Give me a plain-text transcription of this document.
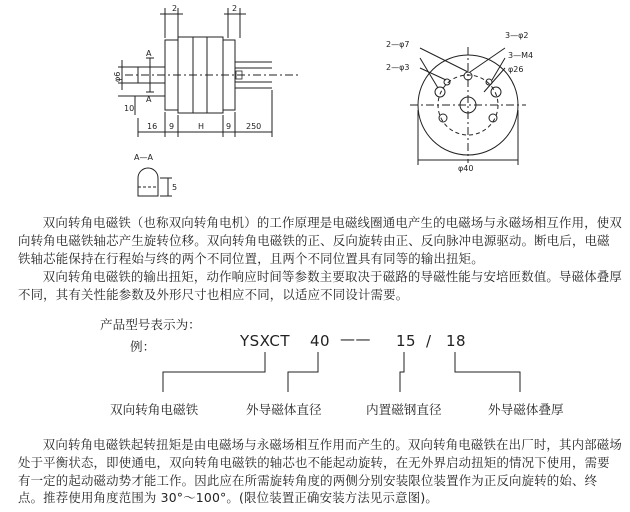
2	2
φ6
10
A
A
16 9	H	9 250
A—A
5
3—φ2
2—φ7
3—M4
2—φ3	φ26
φ40

双向转角电磁铁（也称双向转角电机）的工作原理是电磁线圈通电产生的电磁场与永磁场相互作用，使双向转角电磁铁轴芯产生旋转位移。双向转角电磁铁的正、反向旋转由正、反向脉冲电源驱动。断电后，电磁铁轴芯能保持在行程始与终的两个不同位置，且两个不同位置具有同等的输出扭矩。

双向转角电磁铁的输出扭矩，动作响应时间等参数主要取决于磁路的导磁性能与安培匝数值。导磁体叠厚不同，其有关性能参数及外形尺寸也相应不同，以适应不同设计需要。

产品型号表示为：
例：	YSXCT 40 —— 15 / 18
双向转角电磁铁	外导磁体直径	内置磁钢直径	外导磁体叠厚

双向转角电磁铁起转扭矩是由电磁场与永磁场相互作用而产生的。双向转角电磁铁在出厂时，其内部磁场处于平衡状态，即使通电，双向转角电磁铁的轴芯也不能起动旋转，在无外界启动扭矩的情况下使用，需要有一定的起动磁动势才能工作。因此应在所需旋转角度的两侧分别安装限位装置作为正反向旋转的始、终点。推荐使用角度范围为 30°～100°。(限位装置正确安装方法见示意图)。
